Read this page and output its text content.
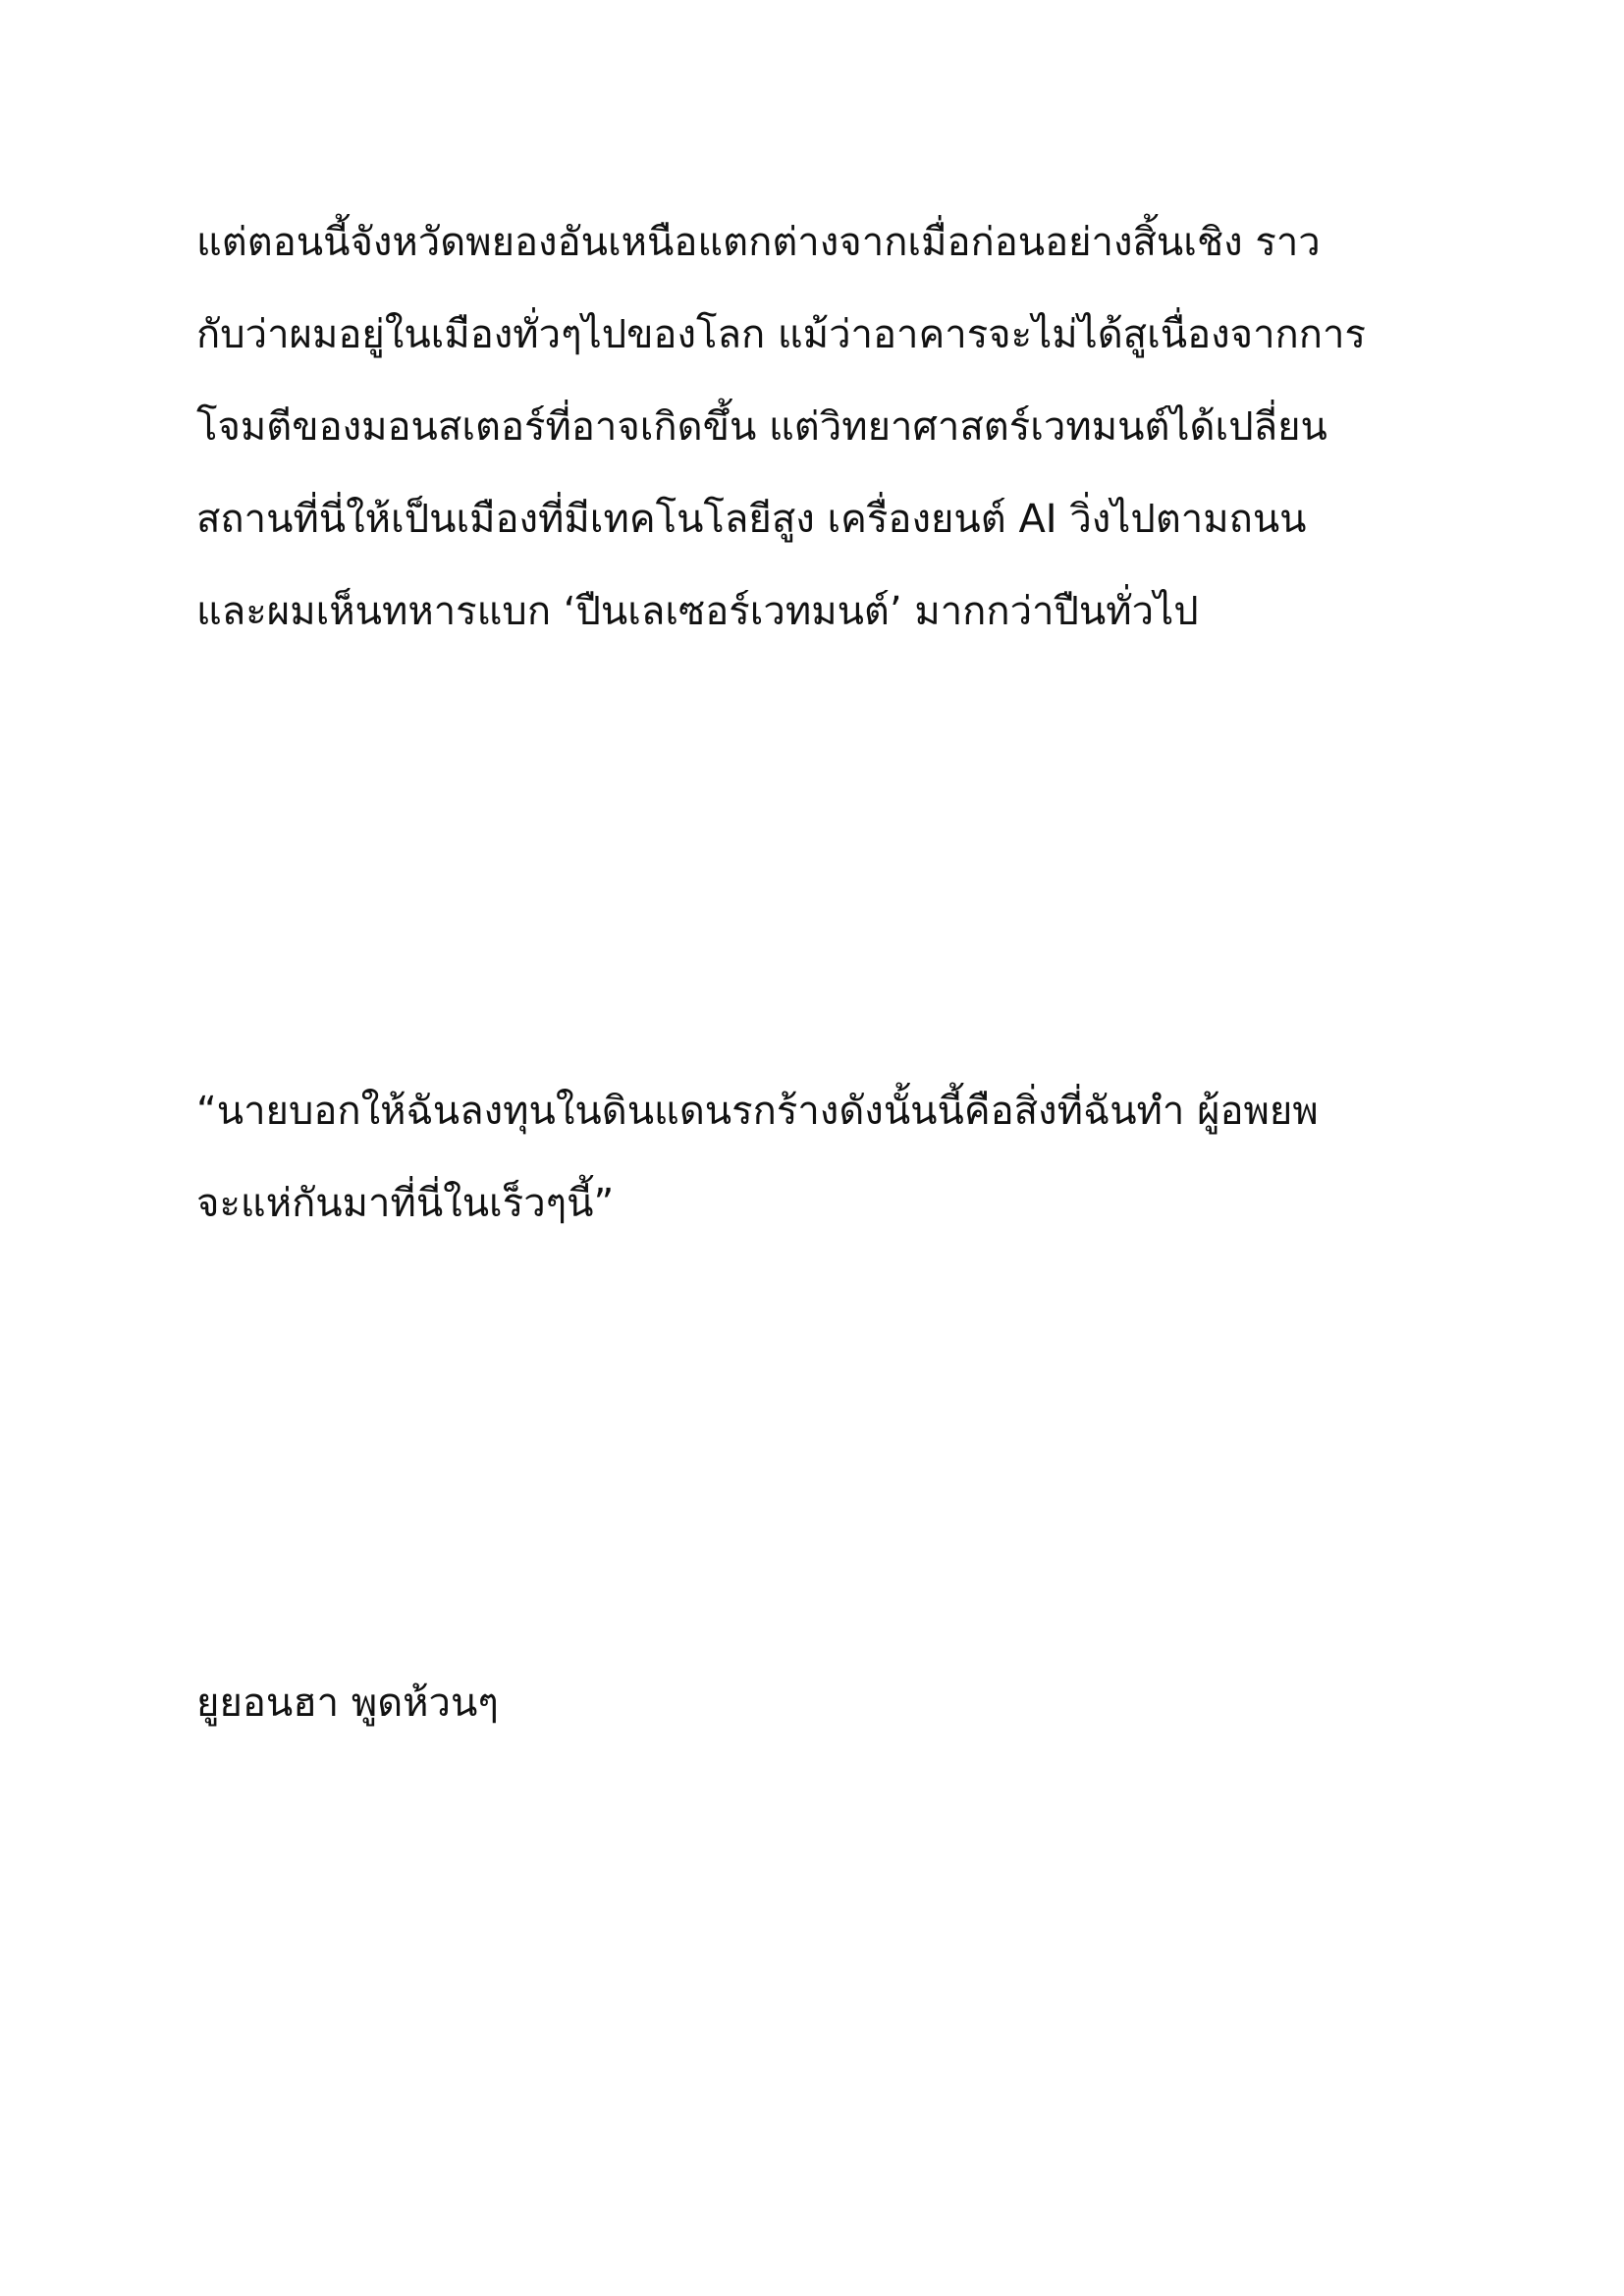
แต่ตอนนี้จังหวัดพยองอันเหนือแตกต่างจากเมื่อก่อนอย่างสิ้นเชิง ราว
กับว่าผมอยู่ในเมืองทั่วๆไปของโลก แม้ว่าอาคารจะไม่ได้สูเนื่องจากการ
โจมตีของมอนสเตอร์ที่อาจเกิดขึ้น แต่วิทยาศาสตร์เวทมนต์ได้เปลี่ยน
สถานที่นี่ให้เป็นเมืองที่มีเทคโนโลยีสูง เครื่องยนต์ AI วิ่งไปตามถนน
และผมเห็นทหารแบก ‘ปืนเลเซอร์เวทมนต์’ มากกว่าปืนทั่วไป
“นายบอกให้ฉันลงทุนในดินแดนรกร้างดังนั้นนี้คือสิ่งที่ฉันทำ ผู้อพยพ
จะแห่กันมาที่นี่ในเร็วๆนี้”
ยูยอนฮา พูดห้วนๆ
